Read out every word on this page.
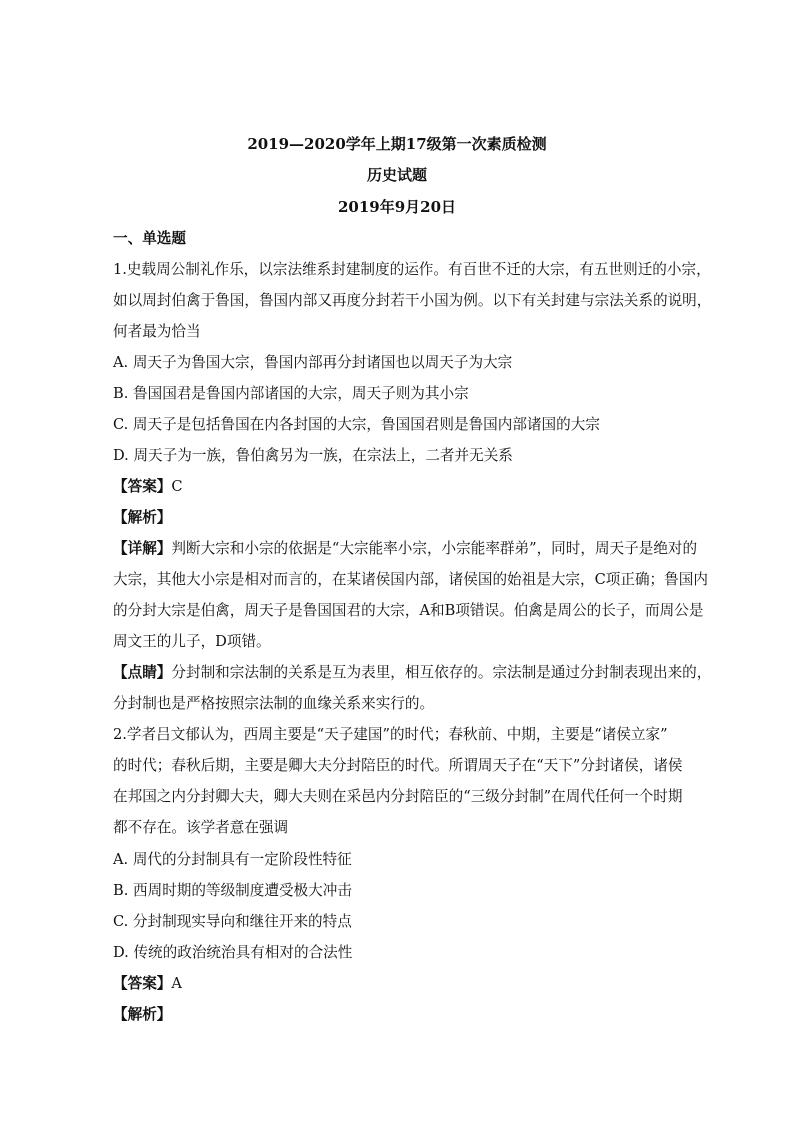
2019—2020学年上期17级第一次素质检测
历史试题
2019年9月20日
一、单选题
1.史载周公制礼作乐，以宗法维系封建制度的运作。有百世不迁的大宗，有五世则迁的小宗，
如以周封伯禽于鲁国，鲁国内部又再度分封若干小国为例。以下有关封建与宗法关系的说明，
何者最为恰当
A. 周天子为鲁国大宗，鲁国内部再分封诸国也以周天子为大宗
B. 鲁国国君是鲁国内部诸国的大宗，周天子则为其小宗
C. 周天子是包括鲁国在内各封国的大宗，鲁国国君则是鲁国内部诸国的大宗
D. 周天子为一族，鲁伯禽另为一族，在宗法上，二者并无关系
【答案】C
【解析】
【详解】判断大宗和小宗的依据是“大宗能率小宗，小宗能率群弟”，同时，周天子是绝对的
大宗，其他大小宗是相对而言的，在某诸侯国内部，诸侯国的始祖是大宗，C项正确；鲁国内
的分封大宗是伯禽，周天子是鲁国国君的大宗，A和B项错误。伯禽是周公的长子，而周公是
周文王的儿子，D项错。
【点睛】分封制和宗法制的关系是互为表里，相互依存的。宗法制是通过分封制表现出来的，
分封制也是严格按照宗法制的血缘关系来实行的。
2.学者吕文郁认为，西周主要是“天子建国”的时代；春秋前、中期，主要是“诸侯立家”
的时代；春秋后期，主要是卿大夫分封陪臣的时代。所谓周天子在“天下”分封诸侯，诸侯
在邦国之内分封卿大夫，卿大夫则在采邑内分封陪臣的“三级分封制”在周代任何一个时期
都不存在。该学者意在强调
A. 周代的分封制具有一定阶段性特征
B. 西周时期的等级制度遭受极大冲击
C. 分封制现实导向和继往开来的特点
D. 传统的政治统治具有相对的合法性
【答案】A
【解析】
